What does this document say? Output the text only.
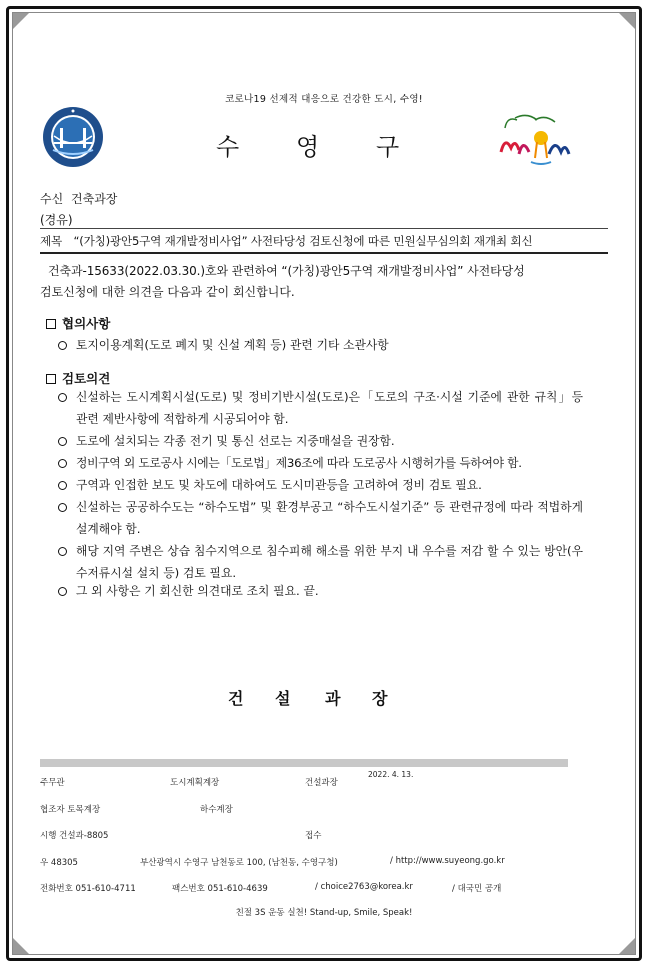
코로나19 선제적 대응으로 건강한 도시, 수영!
수 영 구
수신 건축과장
(경유)
제목 “(가칭)광안5구역 재개발정비사업” 사전타당성 검토신청에 따른 민원실무심의회 재개최 회신
건축과-15633(2022.03.30.)호와 관련하여 “(가칭)광안5구역 재개발정비사업” 사전타당성
검토신청에 대한 의견을 다음과 같이 회신합니다.
협의사항
토지이용계획(도로 폐지 및 신설 계획 등) 관련 기타 소관사항
검토의견
신설하는 도시계획시설(도로) 및 정비기반시설(도로)은「도로의 구조·시설 기준에 관한 규칙」등 관련 제반사항에 적합하게 시공되어야 함.
도로에 설치되는 각종 전기 및 통신 선로는 지중매설을 권장함.
정비구역 외 도로공사 시에는「도로법」제36조에 따라 도로공사 시행허가를 득하여야 함.
구역과 인접한 보도 및 차도에 대하여도 도시미관등을 고려하여 정비 검토 필요.
신설하는 공공하수도는 “하수도법” 및 환경부공고 “하수도시설기준” 등 관련규정에 따라 적법하게 설계해야 함.
해당 지역 주변은 상습 침수지역으로 침수피해 해소를 위한 부지 내 우수를 저감 할 수 있는 방안(우수저류시설 설치 등) 검토 필요.
그 외 사항은 기 회신한 의견대로 조치 필요. 끝.
건 설 과 장
주무관	도시계획계장	건설과장
2022. 4. 13.
협조자 토목계장	하수계장
시행 건설과-8805	접수
우 48305	부산광역시 수영구 남천동로 100, (남천동, 수영구청)	/ http://www.suyeong.go.kr
전화번호 051-610-4711	팩스번호 051-610-4639	/ choice2763@korea.kr	/ 대국민 공개
친절 3S 운동 실천! Stand-up, Smile, Speak!
